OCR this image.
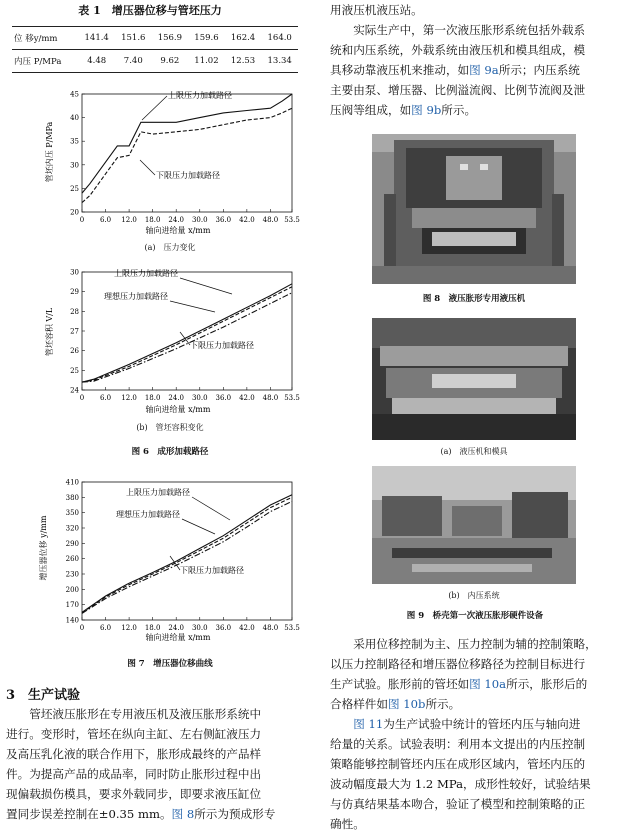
表 1　增压器位移与管坯压力
位 移y/mm	141.4	151.6	156.9	159.6	162.4	164.0
内压 P/MPa	4.48	7.40	9.62	11.02	12.53	13.34
0 6.0 12.0 18.0 24.0 30.0 36.0 42.0 48.0 53.5
20
25
30
35
40
45
管坯内压 P/MPa
轴向进给量 x/mm
上限压力加载路径
下限压力加载路径
(a)　压力变化
0 6.0 12.0 18.0 24.0 30.0 36.0 42.0 48.0 53.5
24
25
26
27
28
29
30
管坯容积 V/L
轴向进给量 x/mm
上限压力加载路径
理想压力加载路径
下限压力加载路径
(b)　管坯容积变化
图 6　成形加载路径
0 6.0 12.0 18.0 24.0 30.0 36.0 42.0 48.0 53.5
140
170
200
230
260
290
320
350
380
410
增压器位移 y/mm
轴向进给量 x/mm
上限压力加载路径
理想压力加载路径
下限压力加载路径
图 7　增压器位移曲线
3　生产试验
　　管坯液压胀形在专用液压机及液压胀形系统中
进行。变形时，管坯在纵向主缸、左右侧缸液压力
及高压乳化液的联合作用下，胀形成最终的产品样
件。为提高产品的成品率，同时防止胀形过程中出
现偏载损伤模具，要求外载同步，即要求液压缸位
置同步误差控制在±0.35 mm。图 8所示为预成形专
用液压机液压站。
　　实际生产中，第一次液压胀形系统包括外载系
统和内压系统，外载系统由液压机和模具组成，模
具移动靠液压机来推动，如图 9a所示；内压系统
主要由泵、增压器、比例溢流阀、比例节流阀及泄
压阀等组成，如图 9b所示。
图 8　液压胀形专用液压机
(a)　液压机和模具
(b)　内压系统
图 9　桥壳第一次液压胀形硬件设备
　　采用位移控制为主、压力控制为辅的控制策略，
以压力控制路径和增压器位移路径为控制目标进行
生产试验。胀形前的管坯如图 10a所示，胀形后的
合格样件如图 10b所示。
　　图 11为生产试验中统计的管坯内压与轴向进
给量的关系。试验表明：利用本文提出的内压控制
策略能够控制管坯内压在成形区域内，管坯内压的
波动幅度最大为 1.2 MPa，成形性较好，试验结果
与仿真结果基本吻合，验证了模型和控制策略的正
确性。
